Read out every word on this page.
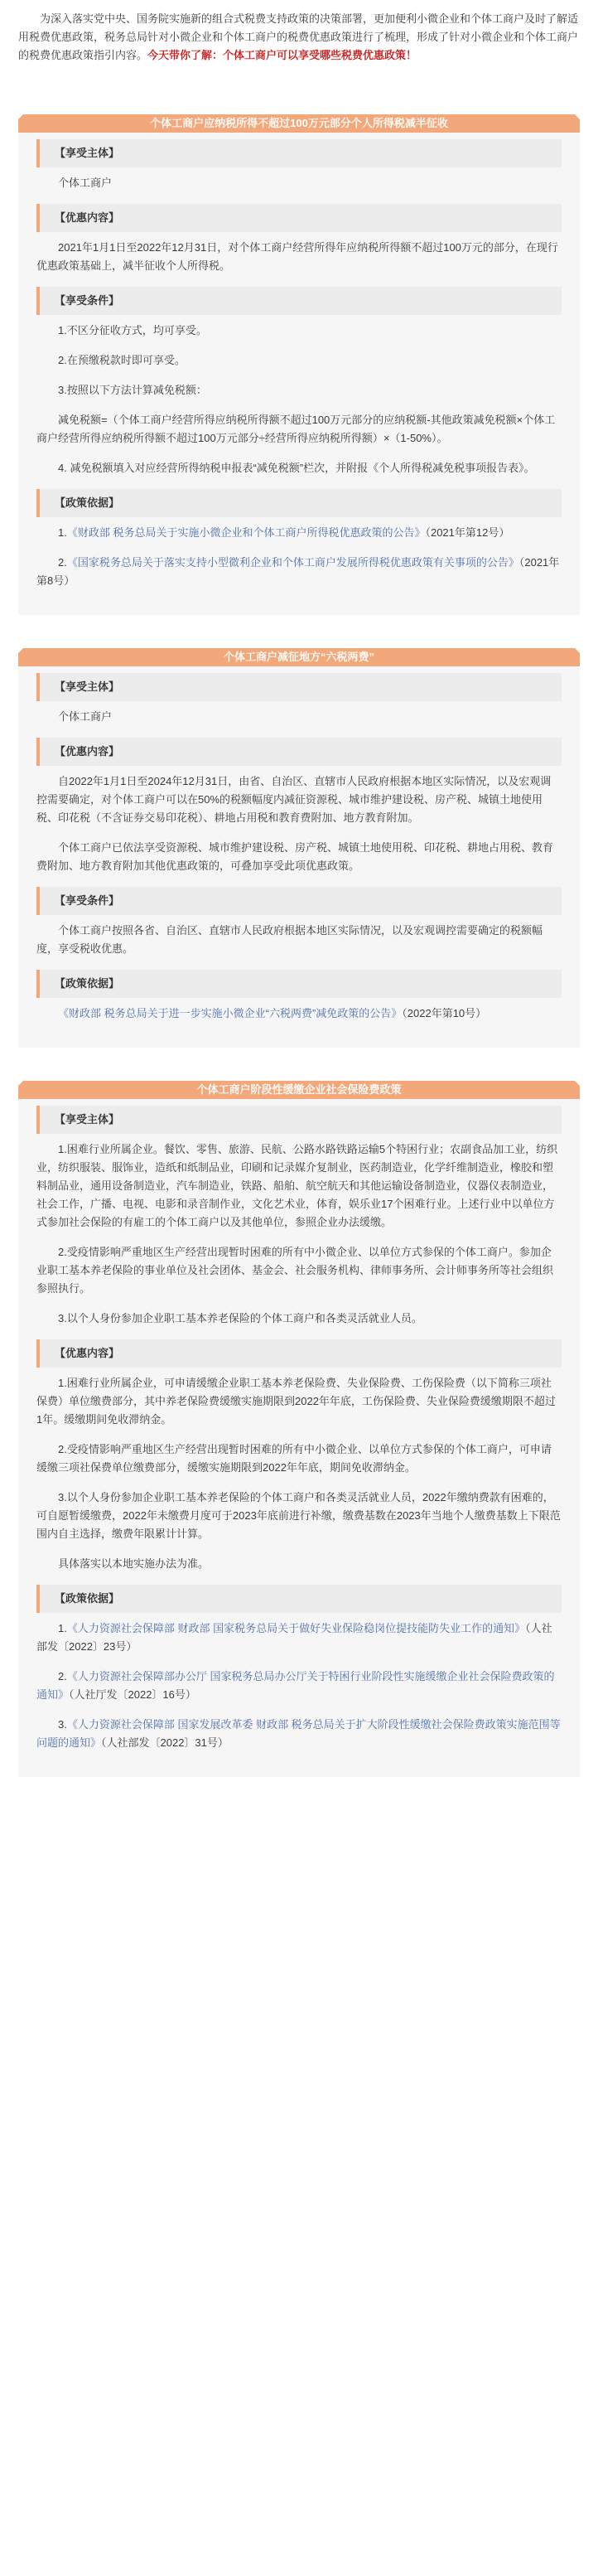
为深入落实党中央、国务院实施新的组合式税费支持政策的决策部署，更加便利小微企业和个体工商户及时了解适用税费优惠政策，税务总局针对小微企业和个体工商户的税费优惠政策进行了梳理，形成了针对小微企业和个体工商户的税费优惠政策指引内容。今天带你了解：个体工商户可以享受哪些税费优惠政策！
个体工商户应纳税所得不超过100万元部分个人所得税减半征收
【享受主体】

个体工商户

【优惠内容】

2021年1月1日至2022年12月31日，对个体工商户经营所得年应纳税所得额不超过100万元的部分，在现行优惠政策基础上，减半征收个人所得税。

【享受条件】

1.不区分征收方式，均可享受。

2.在预缴税款时即可享受。

3.按照以下方法计算减免税额：

减免税额=（个体工商户经营所得应纳税所得额不超过100万元部分的应纳税额-其他政策减免税额×个体工商户经营所得应纳税所得额不超过100万元部分÷经营所得应纳税所得额）×（1-50%）。

4. 减免税额填入对应经营所得纳税申报表“减免税额”栏次，并附报《个人所得税减免税事项报告表》。

【政策依据】

1.《财政部 税务总局关于实施小微企业和个体工商户所得税优惠政策的公告》（2021年第12号）

2.《国家税务总局关于落实支持小型微利企业和个体工商户发展所得税优惠政策有关事项的公告》（2021年第8号）

个体工商户减征地方“六税两费”
【享受主体】

个体工商户

【优惠内容】

自2022年1月1日至2024年12月31日，由省、自治区、直辖市人民政府根据本地区实际情况，以及宏观调控需要确定，对个体工商户可以在50%的税额幅度内减征资源税、城市维护建设税、房产税、城镇土地使用税、印花税（不含证券交易印花税）、耕地占用税和教育费附加、地方教育附加。

个体工商户已依法享受资源税、城市维护建设税、房产税、城镇土地使用税、印花税、耕地占用税、教育费附加、地方教育附加其他优惠政策的，可叠加享受此项优惠政策。

【享受条件】

个体工商户按照各省、自治区、直辖市人民政府根据本地区实际情况，以及宏观调控需要确定的税额幅度，享受税收优惠。

【政策依据】

《财政部 税务总局关于进一步实施小微企业“六税两费”减免政策的公告》（2022年第10号）

个体工商户阶段性缓缴企业社会保险费政策
【享受主体】

1.困难行业所属企业。餐饮、零售、旅游、民航、公路水路铁路运输5个特困行业；农副食品加工业，纺织业，纺织服装、服饰业，造纸和纸制品业，印刷和记录媒介复制业，医药制造业，化学纤维制造业，橡胶和塑料制品业，通用设备制造业，汽车制造业，铁路、船舶、航空航天和其他运输设备制造业，仪器仪表制造业，社会工作，广播、电视、电影和录音制作业，文化艺术业，体育，娱乐业17个困难行业。上述行业中以单位方式参加社会保险的有雇工的个体工商户以及其他单位，参照企业办法缓缴。

2.受疫情影响严重地区生产经营出现暂时困难的所有中小微企业、以单位方式参保的个体工商户。参加企业职工基本养老保险的事业单位及社会团体、基金会、社会服务机构、律师事务所、会计师事务所等社会组织参照执行。

3.以个人身份参加企业职工基本养老保险的个体工商户和各类灵活就业人员。

【优惠内容】

1.困难行业所属企业，可申请缓缴企业职工基本养老保险费、失业保险费、工伤保险费（以下简称三项社保费）单位缴费部分，其中养老保险费缓缴实施期限到2022年年底，工伤保险费、失业保险费缓缴期限不超过1年。缓缴期间免收滞纳金。

2.受疫情影响严重地区生产经营出现暂时困难的所有中小微企业、以单位方式参保的个体工商户，可申请缓缴三项社保费单位缴费部分，缓缴实施期限到2022年年底，期间免收滞纳金。

3.以个人身份参加企业职工基本养老保险的个体工商户和各类灵活就业人员，2022年缴纳费款有困难的，可自愿暂缓缴费，2022年未缴费月度可于2023年底前进行补缴，缴费基数在2023年当地个人缴费基数上下限范围内自主选择，缴费年限累计计算。

具体落实以本地实施办法为准。

【政策依据】

1.《人力资源社会保障部 财政部 国家税务总局关于做好失业保险稳岗位提技能防失业工作的通知》（人社部发〔2022〕23号）

2.《人力资源社会保障部办公厅 国家税务总局办公厅关于特困行业阶段性实施缓缴企业社会保险费政策的通知》（人社厅发〔2022〕16号）

3.《人力资源社会保障部 国家发展改革委 财政部 税务总局关于扩大阶段性缓缴社会保险费政策实施范围等问题的通知》（人社部发〔2022〕31号）
